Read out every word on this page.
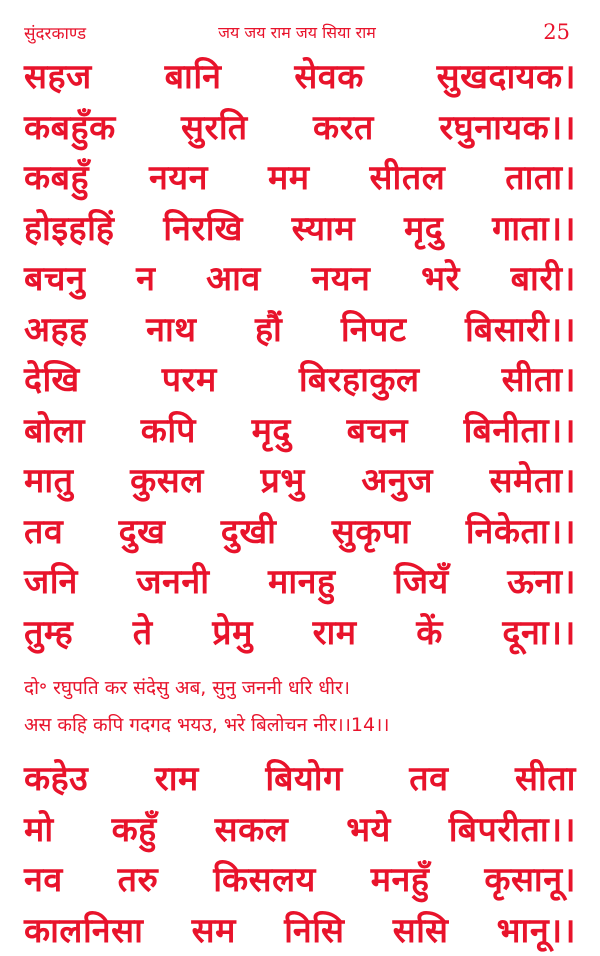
सुंदरकाण्ड	जय जय राम जय सिया राम	25
सहज बानि सेवक सुखदायक।
कबहुँक सुरति करत रघुनायक।।
कबहुँ नयन मम सीतल ताता।
होइहहिं निरखि स्याम मृदु गाता।।
बचनु न आव नयन भरे बारी।
अहह नाथ हौं निपट बिसारी।।
देखि परम बिरहाकुल सीता।
बोला कपि मृदु बचन बिनीता।।
मातु कुसल प्रभु अनुज समेता।
तव दुख दुखी सुकृपा निकेता।।
जनि जननी मानहु जियँ ऊना।
तुम्ह ते प्रेमु राम कें दूना।।
दो॰ रघुपति कर संदेसु अब, सुनु जननी धरि धीर।
अस कहि कपि गदगद भयउ, भरे बिलोचन नीर।।14।।
कहेउ राम बियोग तव सीता
मो कहुँ सकल भये बिपरीता।।
नव तरु किसलय मनहुँ कृसानू।
कालनिसा सम निसि ससि भानू।।
